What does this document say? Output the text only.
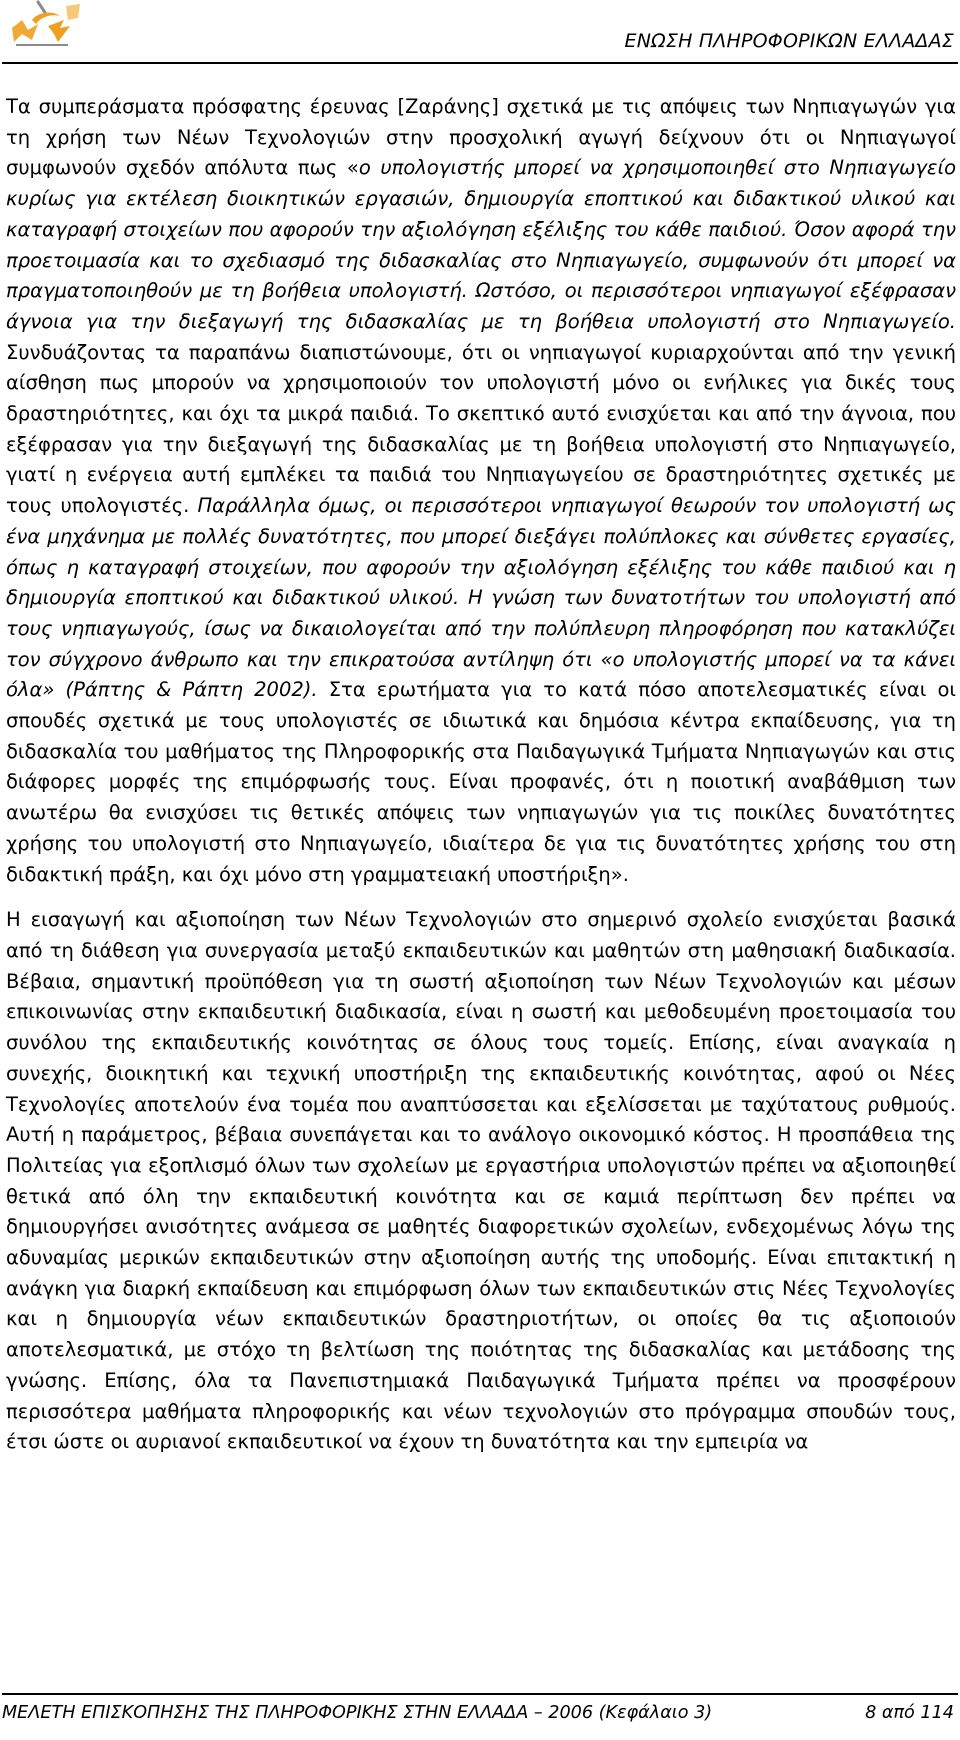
ΕΝΩΣΗ ΠΛΗΡΟΦΟΡΙΚΩΝ ΕΛΛΑΔΑΣ

Τα συμπεράσματα πρόσφατης έρευνας [Ζαράνης] σχετικά με τις απόψεις των Νηπιαγωγών για τη χρήση των Νέων Τεχνολογιών στην προσχολική αγωγή δείχνουν ότι οι Νηπιαγωγοί συμφωνούν σχεδόν απόλυτα πως «ο υπολογιστής μπορεί να χρησιμοποιηθεί στο Νηπιαγωγείο κυρίως για εκτέλεση διοικητικών εργασιών, δημιουργία εποπτικού και διδακτικού υλικού και καταγραφή στοιχείων που αφορούν την αξιολόγηση εξέλιξης του κάθε παιδιού. Όσον αφορά την προετοιμασία και το σχεδιασμό της διδασκαλίας στο Νηπιαγωγείο, συμφωνούν ότι μπορεί να πραγματοποιηθούν με τη βοήθεια υπολογιστή. Ωστόσο, οι περισσότεροι νηπιαγωγοί εξέφρασαν άγνοια για την διεξαγωγή της διδασκαλίας με τη βοήθεια υπολογιστή στο Νηπιαγωγείο. Συνδυάζοντας τα παραπάνω διαπιστώνουμε, ότι οι νηπιαγωγοί κυριαρχούνται από την γενική αίσθηση πως μπορούν να χρησιμοποιούν τον υπολογιστή μόνο οι ενήλικες για δικές τους δραστηριότητες, και όχι τα μικρά παιδιά. Το σκεπτικό αυτό ενισχύεται και από την άγνοια, που εξέφρασαν για την διεξαγωγή της διδασκαλίας με τη βοήθεια υπολογιστή στο Νηπιαγωγείο, γιατί η ενέργεια αυτή εμπλέκει τα παιδιά του Νηπιαγωγείου σε δραστηριότητες σχετικές με τους υπολογιστές. Παράλληλα όμως, οι περισσότεροι νηπιαγωγοί θεωρούν τον υπολογιστή ως ένα μηχάνημα με πολλές δυνατότητες, που μπορεί διεξάγει πολύπλοκες και σύνθετες εργασίες, όπως η καταγραφή στοιχείων, που αφορούν την αξιολόγηση εξέλιξης του κάθε παιδιού και η δημιουργία εποπτικού και διδακτικού υλικού. Η γνώση των δυνατοτήτων του υπολογιστή από τους νηπιαγωγούς, ίσως να δικαιολογείται από την πολύπλευρη πληροφόρηση που κατακλύζει τον σύγχρονο άνθρωπο και την επικρατούσα αντίληψη ότι «ο υπολογιστής μπορεί να τα κάνει όλα» (Ράπτης & Ράπτη 2002). Στα ερωτήματα για το κατά πόσο αποτελεσματικές είναι οι σπουδές σχετικά με τους υπολογιστές σε ιδιωτικά και δημόσια κέντρα εκπαίδευσης, για τη διδασκαλία του μαθήματος της Πληροφορικής στα Παιδαγωγικά Τμήματα Νηπιαγωγών και στις διάφορες μορφές της επιμόρφωσής τους. Είναι προφανές, ότι η ποιοτική αναβάθμιση των ανωτέρω θα ενισχύσει τις θετικές απόψεις των νηπιαγωγών για τις ποικίλες δυνατότητες χρήσης του υπολογιστή στο Νηπιαγωγείο, ιδιαίτερα δε για τις δυνατότητες χρήσης του στη διδακτική πράξη, και όχι μόνο στη γραμματειακή υποστήριξη».

Η εισαγωγή και αξιοποίηση των Νέων Τεχνολογιών στο σημερινό σχολείο ενισχύεται βασικά από τη διάθεση για συνεργασία μεταξύ εκπαιδευτικών και μαθητών στη μαθησιακή διαδικασία. Βέβαια, σημαντική προϋπόθεση για τη σωστή αξιοποίηση των Νέων Τεχνολογιών και μέσων επικοινωνίας στην εκπαιδευτική διαδικασία, είναι η σωστή και μεθοδευμένη προετοιμασία του συνόλου της εκπαιδευτικής κοινότητας σε όλους τους τομείς. Επίσης, είναι αναγκαία η συνεχής, διοικητική και τεχνική υποστήριξη της εκπαιδευτικής κοινότητας, αφού οι Νέες Τεχνολογίες αποτελούν ένα τομέα που αναπτύσσεται και εξελίσσεται με ταχύτατους ρυθμούς. Αυτή η παράμετρος, βέβαια συνεπάγεται και το ανάλογο οικονομικό κόστος. Η προσπάθεια της Πολιτείας για εξοπλισμό όλων των σχολείων με εργαστήρια υπολογιστών πρέπει να αξιοποιηθεί θετικά από όλη την εκπαιδευτική κοινότητα και σε καμιά περίπτωση δεν πρέπει να δημιουργήσει ανισότητες ανάμεσα σε μαθητές διαφορετικών σχολείων, ενδεχομένως λόγω της αδυναμίας μερικών εκπαιδευτικών στην αξιοποίηση αυτής της υποδομής. Είναι επιτακτική η ανάγκη για διαρκή εκπαίδευση και επιμόρφωση όλων των εκπαιδευτικών στις Νέες Τεχνολογίες και η δημιουργία νέων εκπαιδευτικών δραστηριοτήτων, οι οποίες θα τις αξιοποιούν αποτελεσματικά, με στόχο τη βελτίωση της ποιότητας της διδασκαλίας και μετάδοσης της γνώσης. Επίσης, όλα τα Πανεπιστημιακά Παιδαγωγικά Τμήματα πρέπει να προσφέρουν περισσότερα μαθήματα πληροφορικής και νέων τεχνολογιών στο πρόγραμμα σπουδών τους, έτσι ώστε οι αυριανοί εκπαιδευτικοί να έχουν τη δυνατότητα και την εμπειρία να

ΜΕΛΕΤΗ ΕΠΙΣΚΟΠΗΣΗΣ ΤΗΣ ΠΛΗΡΟΦΟΡΙΚΗΣ ΣΤΗΝ ΕΛΛΑΔΑ – 2006 (Κεφάλαιο 3)	8 από 114
